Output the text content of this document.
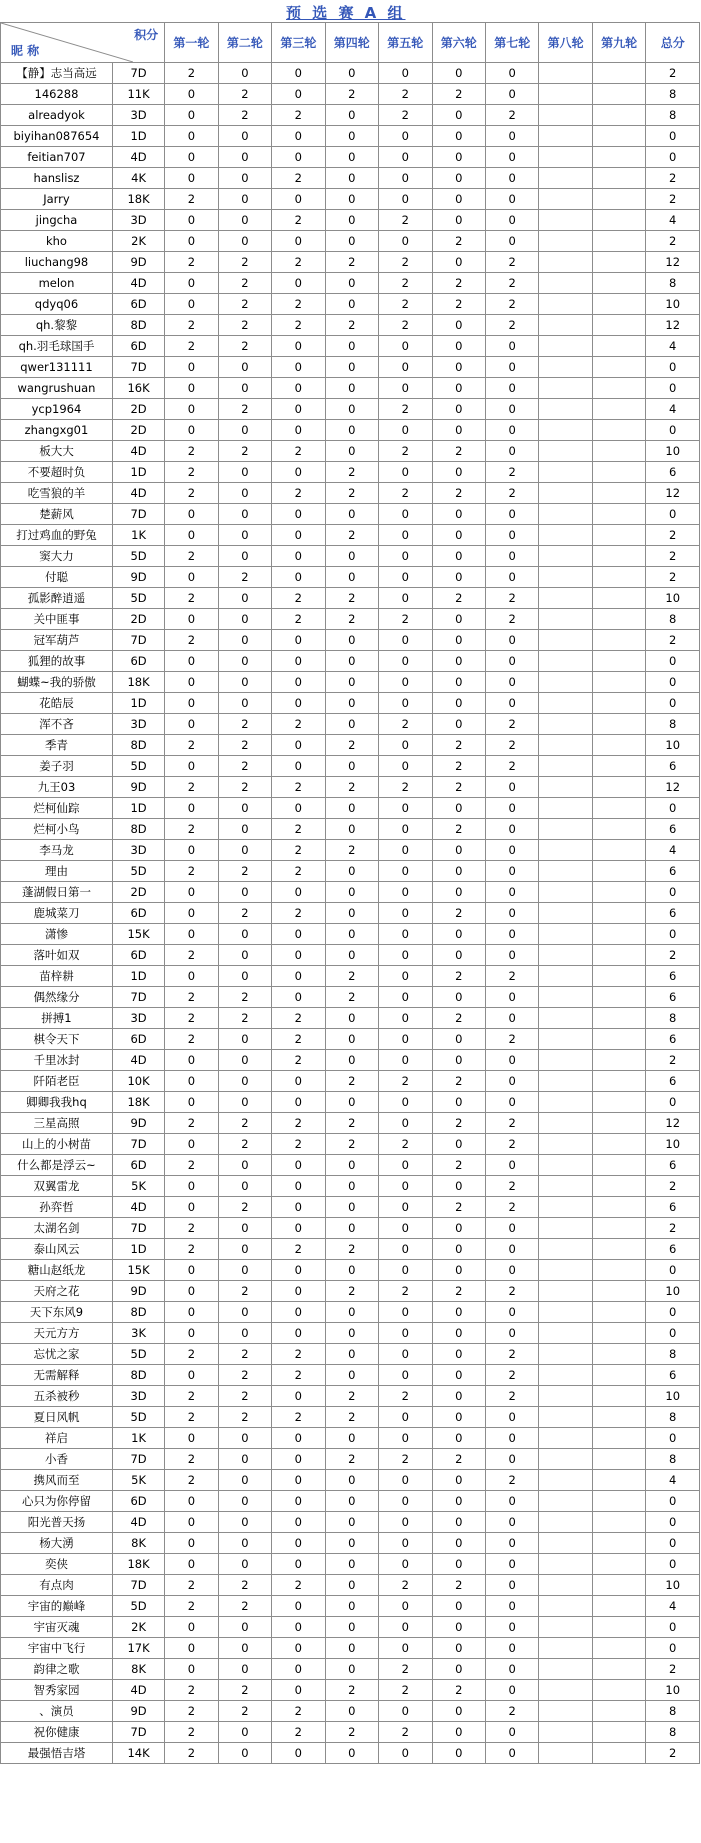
预 选 赛 A 组
积分
昵 称		第一轮	第二轮	第三轮	第四轮	第五轮	第六轮	第七轮	第八轮	第九轮	总分
【静】志当高远	7D	2	0	0	0	0	0	0			2
146288	11K	0	2	0	2	2	2	0			8
alreadyok	3D	0	2	2	0	2	0	2			8
biyihan087654	1D	0	0	0	0	0	0	0			0
feitian707	4D	0	0	0	0	0	0	0			0
hanslisz	4K	0	0	2	0	0	0	0			2
Jarry	18K	2	0	0	0	0	0	0			2
jingcha	3D	0	0	2	0	2	0	0			4
kho	2K	0	0	0	0	0	2	0			2
liuchang98	9D	2	2	2	2	2	0	2			12
melon	4D	0	2	0	0	2	2	2			8
qdyq06	6D	0	2	2	0	2	2	2			10
qh.黎黎	8D	2	2	2	2	2	0	2			12
qh.羽毛球国手	6D	2	2	0	0	0	0	0			4
qwer131111	7D	0	0	0	0	0	0	0			0
wangrushuan	16K	0	0	0	0	0	0	0			0
ycp1964	2D	0	2	0	0	2	0	0			4
zhangxg01	2D	0	0	0	0	0	0	0			0
板大大	4D	2	2	2	0	2	2	0			10
不要超时负	1D	2	0	0	2	0	0	2			6
吃雪狼的羊	4D	2	0	2	2	2	2	2			12
楚薪风	7D	0	0	0	0	0	0	0			0
打过鸡血的野兔	1K	0	0	0	2	0	0	0			2
窦大力	5D	2	0	0	0	0	0	0			2
付聪	9D	0	2	0	0	0	0	0			2
孤影醉逍遥	5D	2	0	2	2	0	2	2			10
关中匪事	2D	0	0	2	2	2	0	2			8
冠军葫芦	7D	2	0	0	0	0	0	0			2
狐狸的故事	6D	0	0	0	0	0	0	0			0
蝴蝶~我的骄傲	18K	0	0	0	0	0	0	0			0
花皓辰	1D	0	0	0	0	0	0	0			0
浑不吝	3D	0	2	2	0	2	0	2			8
季青	8D	2	2	0	2	0	2	2			10
姜子羽	5D	0	2	0	0	0	2	2			6
九王03	9D	2	2	2	2	2	2	0			12
烂柯仙踪	1D	0	0	0	0	0	0	0			0
烂柯小鸟	8D	2	0	2	0	0	2	0			6
李马龙	3D	0	0	2	2	0	0	0			4
理由	5D	2	2	2	0	0	0	0			6
蓬湖假日第一	2D	0	0	0	0	0	0	0			0
鹿城菜刀	6D	0	2	2	0	0	2	0			6
潇惨	15K	0	0	0	0	0	0	0			0
落叶如双	6D	2	0	0	0	0	0	0			2
苗梓耕	1D	0	0	0	2	0	2	2			6
偶然缘分	7D	2	2	0	2	0	0	0			6
拼搏1	3D	2	2	2	0	0	2	0			8
棋令天下	6D	2	0	2	0	0	0	2			6
千里冰封	4D	0	0	2	0	0	0	0			2
阡陌老臣	10K	0	0	0	2	2	2	0			6
卿卿我我hq	18K	0	0	0	0	0	0	0			0
三星高照	9D	2	2	2	2	0	2	2			12
山上的小树苗	7D	0	2	2	2	2	0	2			10
什么都是浮云~	6D	2	0	0	0	0	2	0			6
双翼雷龙	5K	0	0	0	0	0	0	2			2
孙弈哲	4D	0	2	0	0	0	2	2			6
太湖名剑	7D	2	0	0	0	0	0	0			2
泰山风云	1D	2	0	2	2	0	0	0			6
糖山赵纸龙	15K	0	0	0	0	0	0	0			0
天府之花	9D	0	2	0	2	2	2	2			10
天下东风9	8D	0	0	0	0	0	0	0			0
天元方方	3K	0	0	0	0	0	0	0			0
忘忧之家	5D	2	2	2	0	0	0	2			8
无需解释	8D	0	2	2	0	0	0	2			6
五杀被秒	3D	2	2	0	2	2	0	2			10
夏日风帆	5D	2	2	2	2	0	0	0			8
祥启	1K	0	0	0	0	0	0	0			0
小香	7D	2	0	0	2	2	2	0			8
携风而至	5K	2	0	0	0	0	0	2			4
心只为你停留	6D	0	0	0	0	0	0	0			0
阳光普天扬	4D	0	0	0	0	0	0	0			0
杨大湧	8K	0	0	0	0	0	0	0			0
奕侠	18K	0	0	0	0	0	0	0			0
有点肉	7D	2	2	2	0	2	2	0			10
宇宙的巅峰	5D	2	2	0	0	0	0	0			4
宇宙灭魂	2K	0	0	0	0	0	0	0			0
宇宙中飞行	17K	0	0	0	0	0	0	0			0
韵律之歌	8K	0	0	0	0	2	0	0			2
智秀家园	4D	2	2	0	2	2	2	0			10
、演员	9D	2	2	2	0	0	0	2			8
祝你健康	7D	2	0	2	2	2	0	0			8
最强悟吉塔	14K	2	0	0	0	0	0	0			2
